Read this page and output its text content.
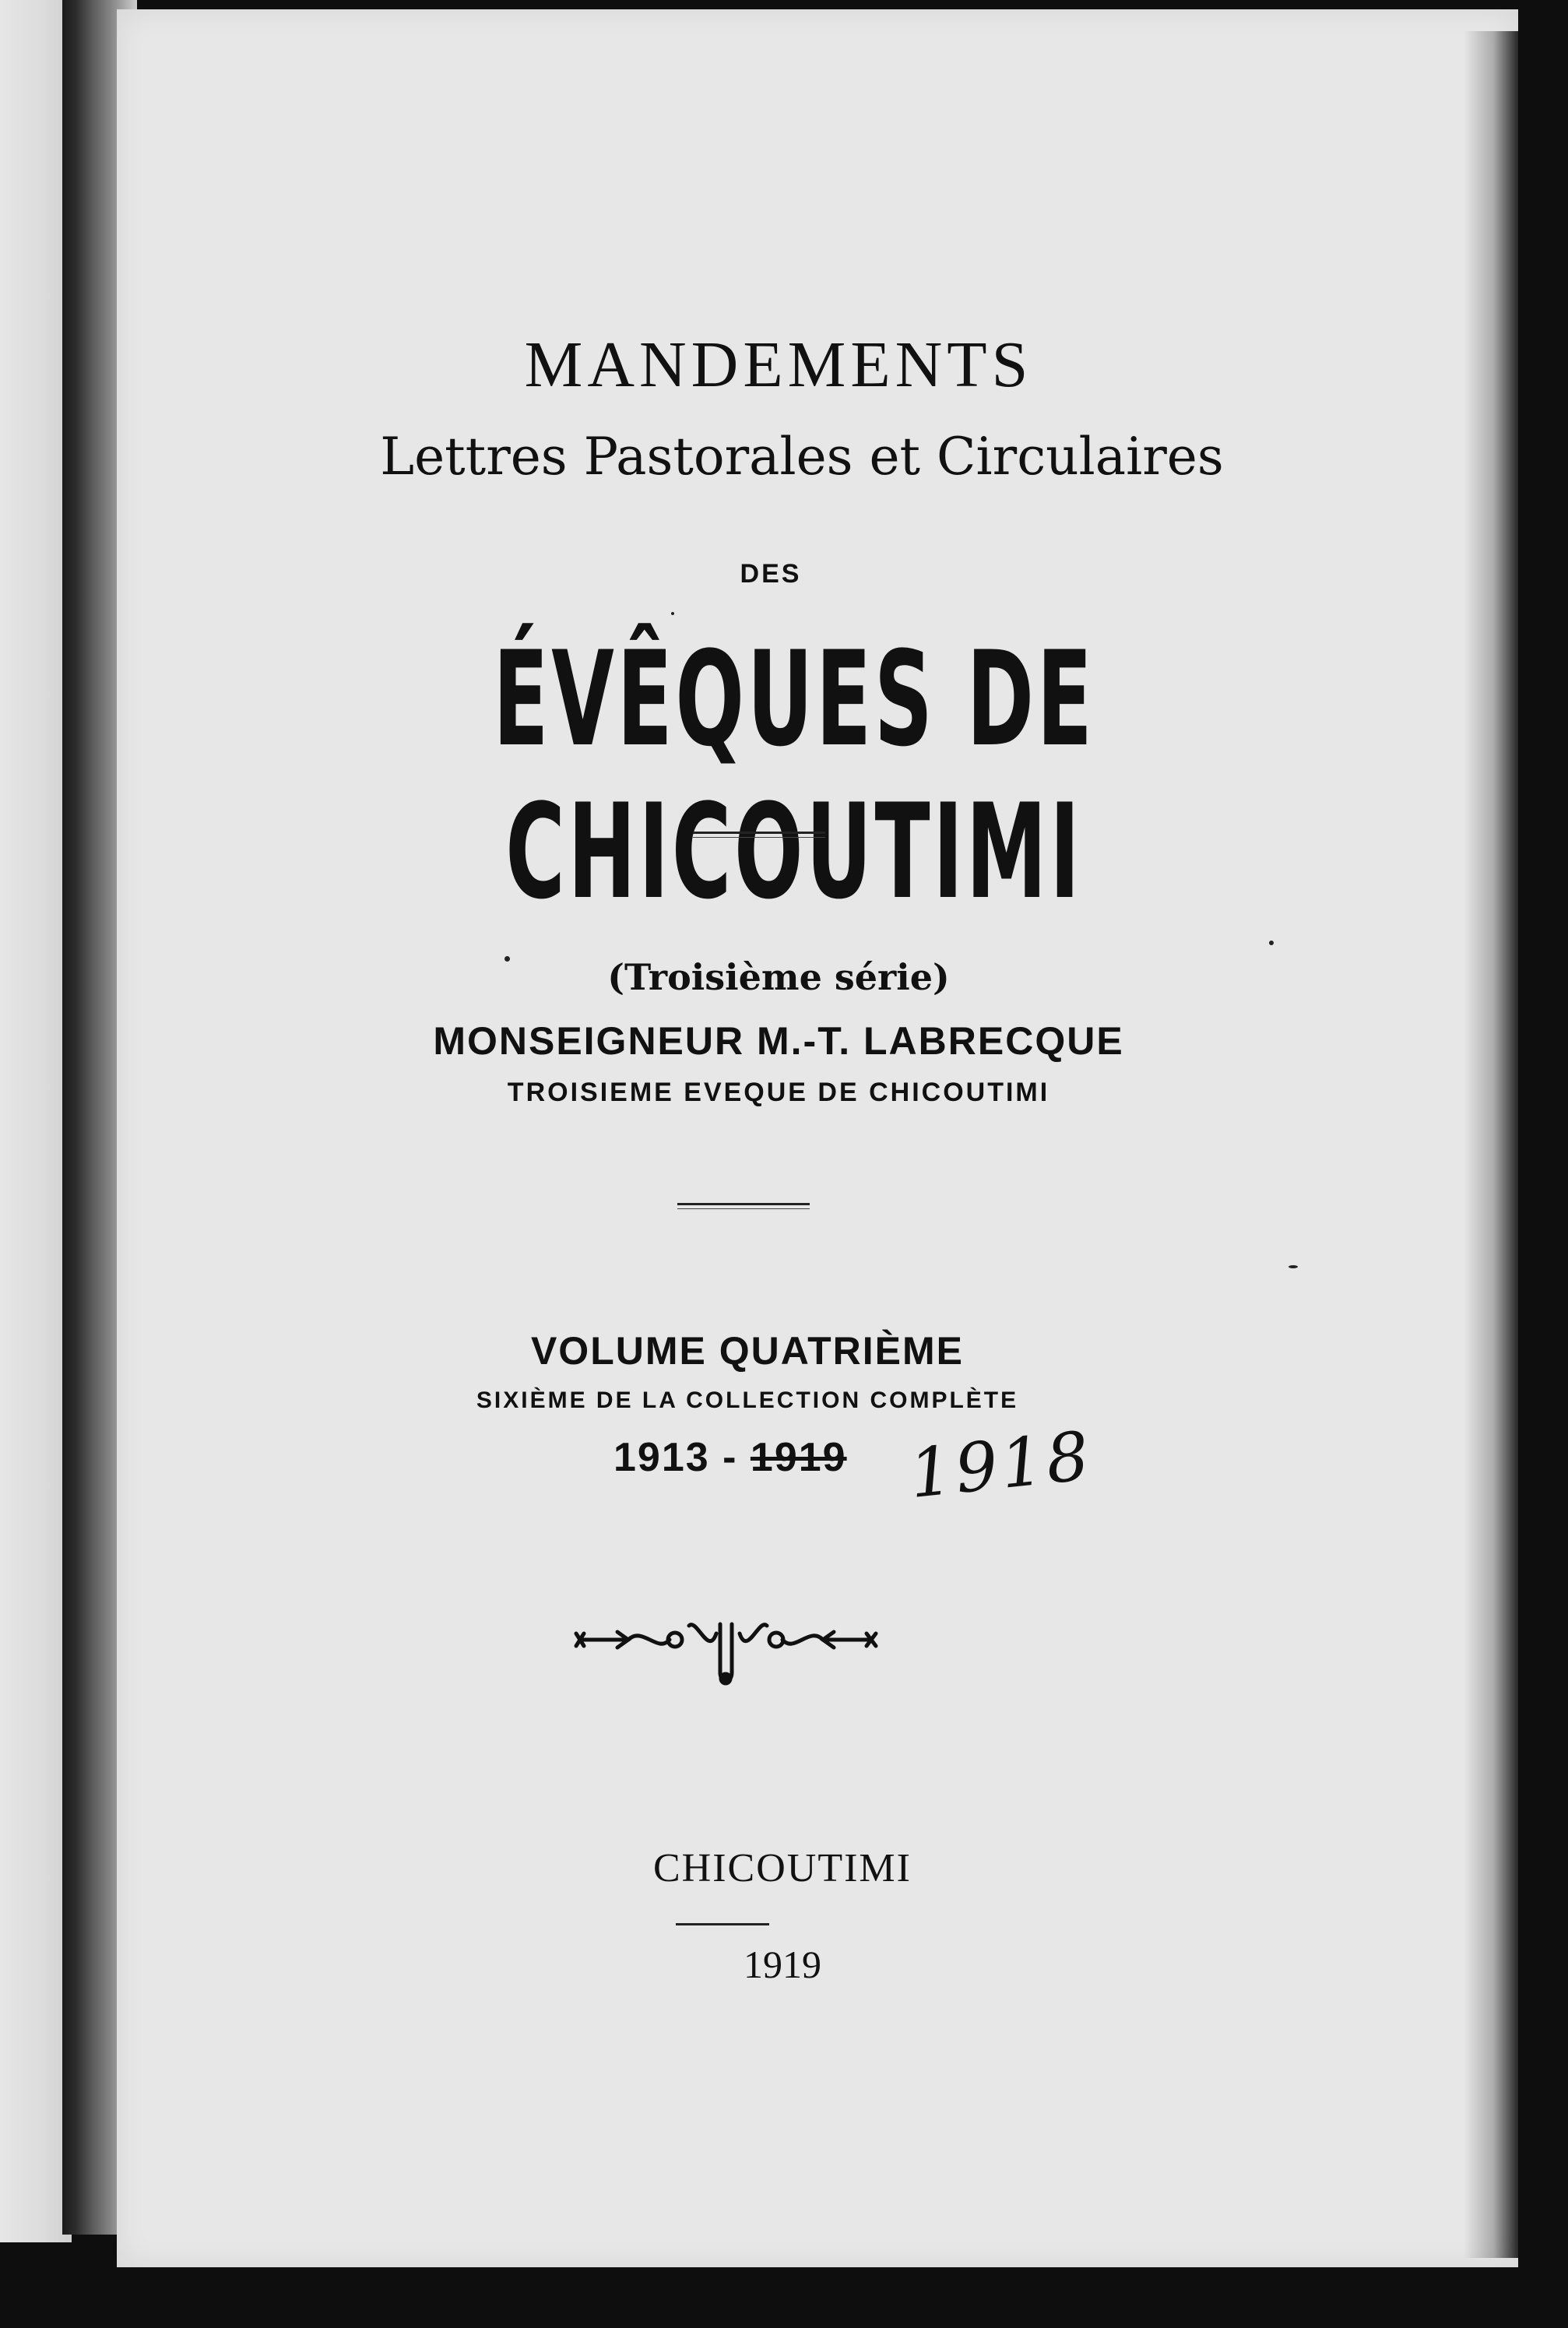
MANDEMENTS
Lettres Pastorales et Circulaires
DES
ÉVÊQUES DE CHICOUTIMI
(Troisième série)
MONSEIGNEUR M.-T. LABRECQUE
TROISIEME EVEQUE DE CHICOUTIMI
VOLUME QUATRIÈME
SIXIÈME DE LA COLLECTION COMPLÈTE
1913 - 1919 1918
CHICOUTIMI
1919
